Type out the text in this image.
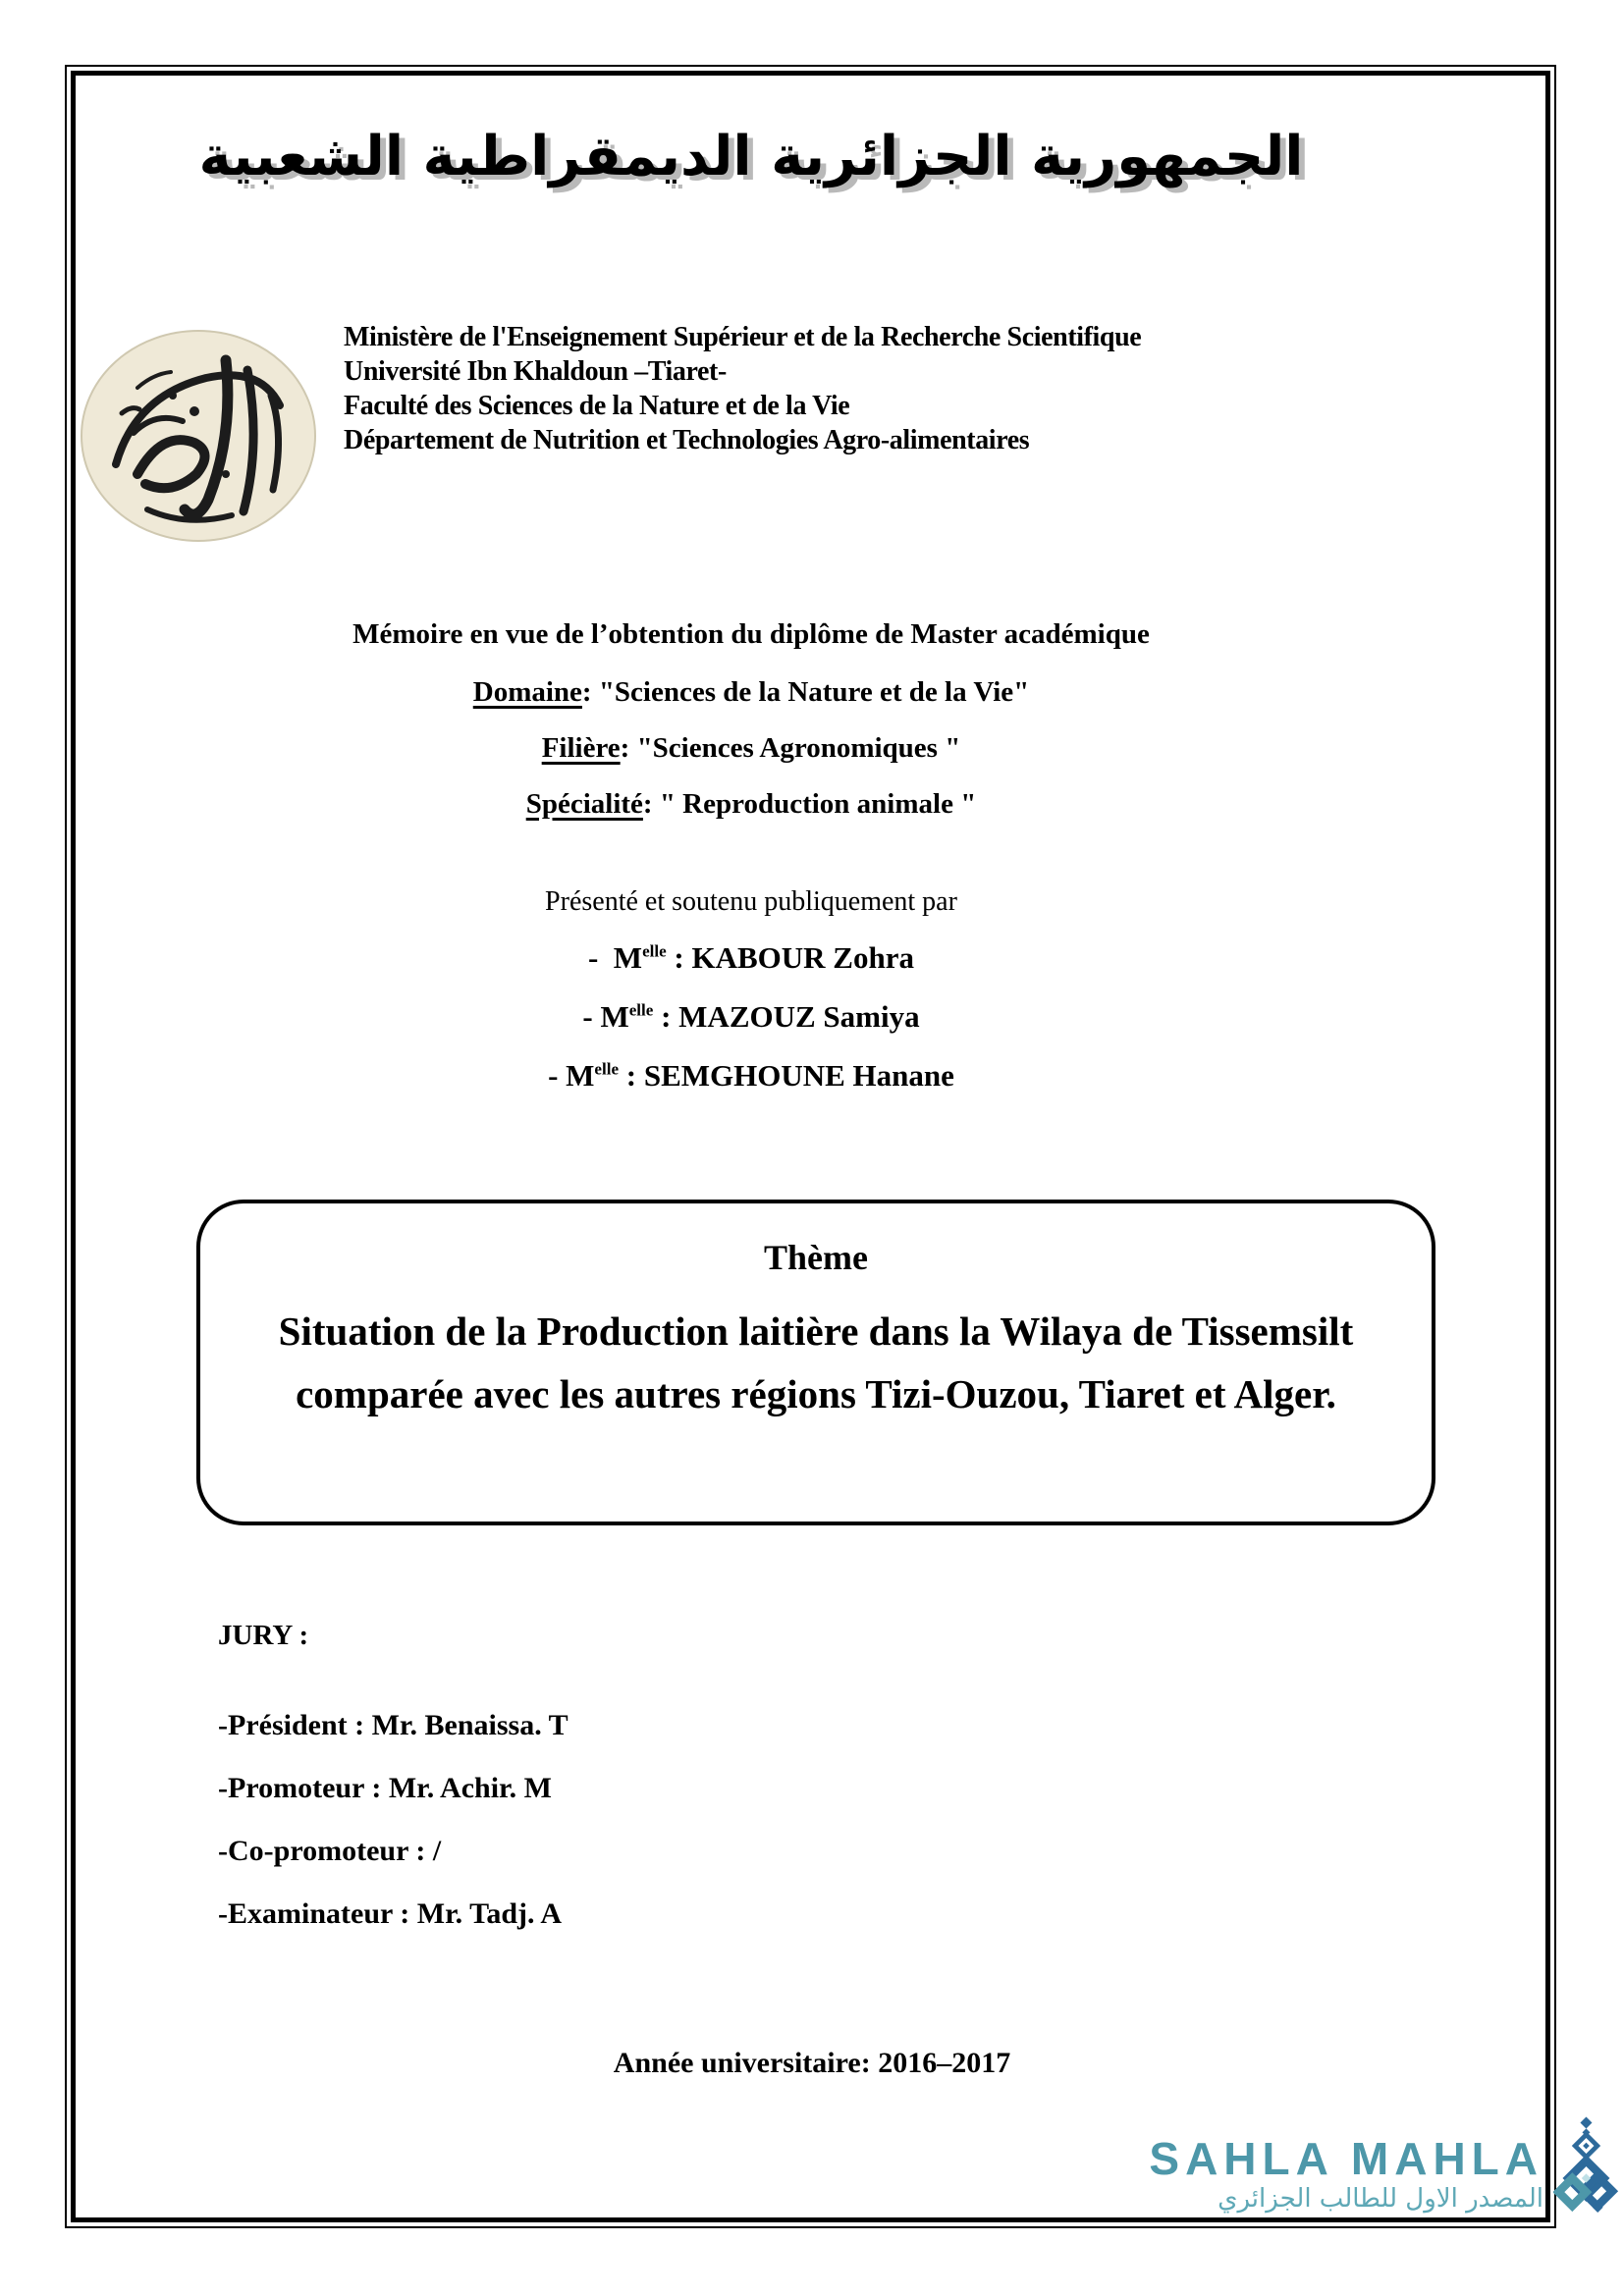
الجمهورية الجزائرية الديمقراطية الشعبية
Ministère de l'Enseignement Supérieur et de la Recherche Scientifique
Université Ibn Khaldoun –Tiaret-
Faculté des Sciences de la Nature et de la Vie
Département de Nutrition et Technologies Agro-alimentaires
Mémoire en vue de l’obtention du diplôme de Master académique
Domaine: "Sciences de la Nature et de la Vie"
Filière: "Sciences Agronomiques "
Spécialité: " Reproduction animale "
Présenté et soutenu publiquement par
-  $M^{elle}$ : KABOUR Zohra
- $M^{elle}$ : MAZOUZ Samiya
- $M^{elle}$ : SEMGHOUNE Hanane
Thème
Situation de la Production laitière dans la Wilaya de Tissemsilt comparée avec les autres régions Tizi-Ouzou, Tiaret et Alger.
JURY :
-Président : Mr. Benaissa. T
-Promoteur : Mr. Achir. M
-Co-promoteur : /
-Examinateur : Mr. Tadj. A
Année universitaire: 2016–2017
SAHLA MAHLA
المصدر الاول للطالب الجزائري
